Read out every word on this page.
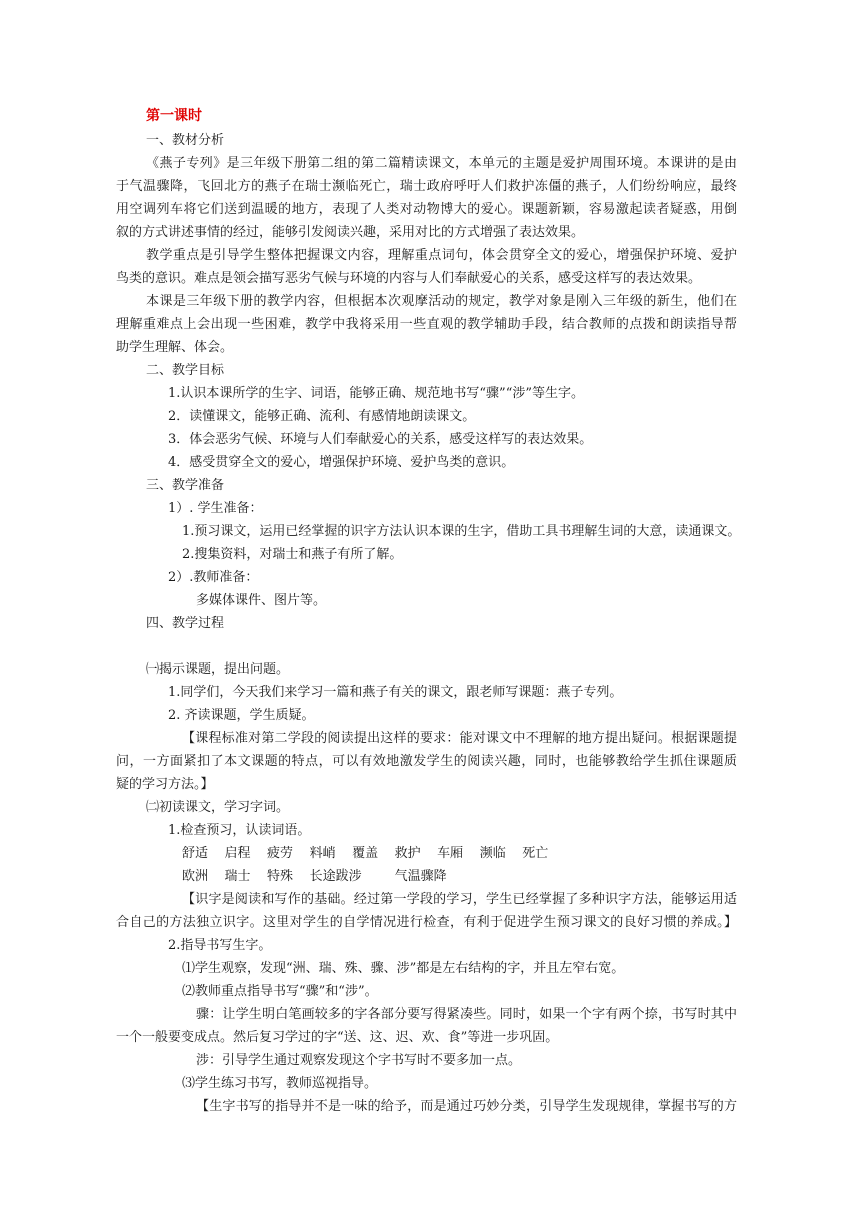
第一课时
一、教材分析
《燕子专列》是三年级下册第二组的第二篇精读课文，本单元的主题是爱护周围环境。本课讲的是由
于气温骤降，飞回北方的燕子在瑞士濒临死亡，瑞士政府呼吁人们救护冻僵的燕子，人们纷纷响应，最终
用空调列车将它们送到温暖的地方，表现了人类对动物博大的爱心。课题新颖，容易激起读者疑惑，用倒
叙的方式讲述事情的经过，能够引发阅读兴趣，采用对比的方式增强了表达效果。
教学重点是引导学生整体把握课文内容，理解重点词句，体会贯穿全文的爱心，增强保护环境、爱护
鸟类的意识。难点是领会描写恶劣气候与环境的内容与人们奉献爱心的关系，感受这样写的表达效果。
本课是三年级下册的教学内容，但根据本次观摩活动的规定，教学对象是刚入三年级的新生，他们在
理解重难点上会出现一些困难，教学中我将采用一些直观的教学辅助手段，结合教师的点拨和朗读指导帮
助学生理解、体会。
二、教学目标
1.认识本课所学的生字、词语，能够正确、规范地书写“骤”“涉”等生字。
2．读懂课文，能够正确、流利、有感情地朗读课文。
3．体会恶劣气候、环境与人们奉献爱心的关系，感受这样写的表达效果。
4．感受贯穿全文的爱心，增强保护环境、爱护鸟类的意识。
三、教学准备
1）. 学生准备：
1.预习课文，运用已经掌握的识字方法认识本课的生字，借助工具书理解生词的大意，读通课文。
2.搜集资料，对瑞士和燕子有所了解。
2）.教师准备：
多媒体课件、图片等。
四、教学过程
㈠揭示课题，提出问题。
1.同学们，今天我们来学习一篇和燕子有关的课文，跟老师写课题：燕子专列。
2. 齐读课题，学生质疑。
【课程标准对第二学段的阅读提出这样的要求：能对课文中不理解的地方提出疑问。根据课题提
问，一方面紧扣了本文课题的特点，可以有效地激发学生的阅读兴趣，同时，也能够教给学生抓住课题质
疑的学习方法。】
㈡初读课文，学习字词。
1.检查预习，认读词语。
舒适    启程    疲劳    料峭    覆盖    救护    车厢    濒临    死亡
欧洲    瑞士    特殊    长途跋涉        气温骤降
【识字是阅读和写作的基础。经过第一学段的学习，学生已经掌握了多种识字方法，能够运用适
合自己的方法独立识字。这里对学生的自学情况进行检查，有利于促进学生预习课文的良好习惯的养成。】
2.指导书写生字。
⑴学生观察，发现“洲、瑞、殊、骤、涉”都是左右结构的字，并且左窄右宽。
⑵教师重点指导书写“骤”和“涉”。
骤：让学生明白笔画较多的字各部分要写得紧凑些。同时，如果一个字有两个捺，书写时其中
一个一般要变成点。然后复习学过的字“送、这、迟、欢、食”等进一步巩固。
涉：引导学生通过观察发现这个字书写时不要多加一点。
⑶学生练习书写，教师巡视指导。
【生字书写的指导并不是一味的给予，而是通过巧妙分类，引导学生发现规律，掌握书写的方
